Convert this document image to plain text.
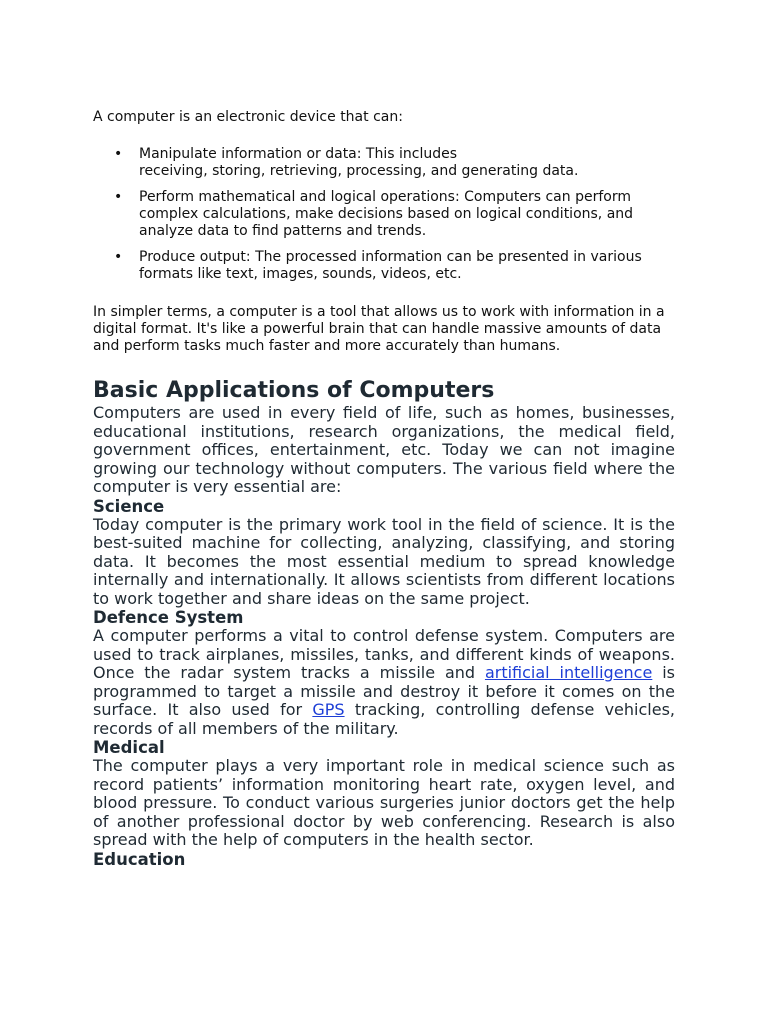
A computer is an electronic device that can:

• Manipulate information or data: This includes
receiving, storing, retrieving, processing, and generating data.
• Perform mathematical and logical operations: Computers can perform complex calculations, make decisions based on logical conditions, and analyze data to find patterns and trends.
• Produce output: The processed information can be presented in various formats like text, images, sounds, videos, etc.

In simpler terms, a computer is a tool that allows us to work with information in a digital format. It's like a powerful brain that can handle massive amounts of data and perform tasks much faster and more accurately than humans.

Basic Applications of Computers

Computers are used in every field of life, such as homes, businesses, educational institutions, research organizations, the medical field, government offices, entertainment, etc. Today we can not imagine growing our technology without computers. The various field where the computer is very essential are:

Science

Today computer is the primary work tool in the field of science. It is the best-suited machine for collecting, analyzing, classifying, and storing data. It becomes the most essential medium to spread knowledge internally and internationally. It allows scientists from different locations to work together and share ideas on the same project.

Defence System

A computer performs a vital to control defense system. Computers are used to track airplanes, missiles, tanks, and different kinds of weapons. Once the radar system tracks a missile and artificial intelligence is programmed to target a missile and destroy it before it comes on the surface. It also used for GPS tracking, controlling defense vehicles, records of all members of the military.

Medical

The computer plays a very important role in medical science such as record patients’ information monitoring heart rate, oxygen level, and blood pressure. To conduct various surgeries junior doctors get the help of another professional doctor by web conferencing. Research is also spread with the help of computers in the health sector.

Education
